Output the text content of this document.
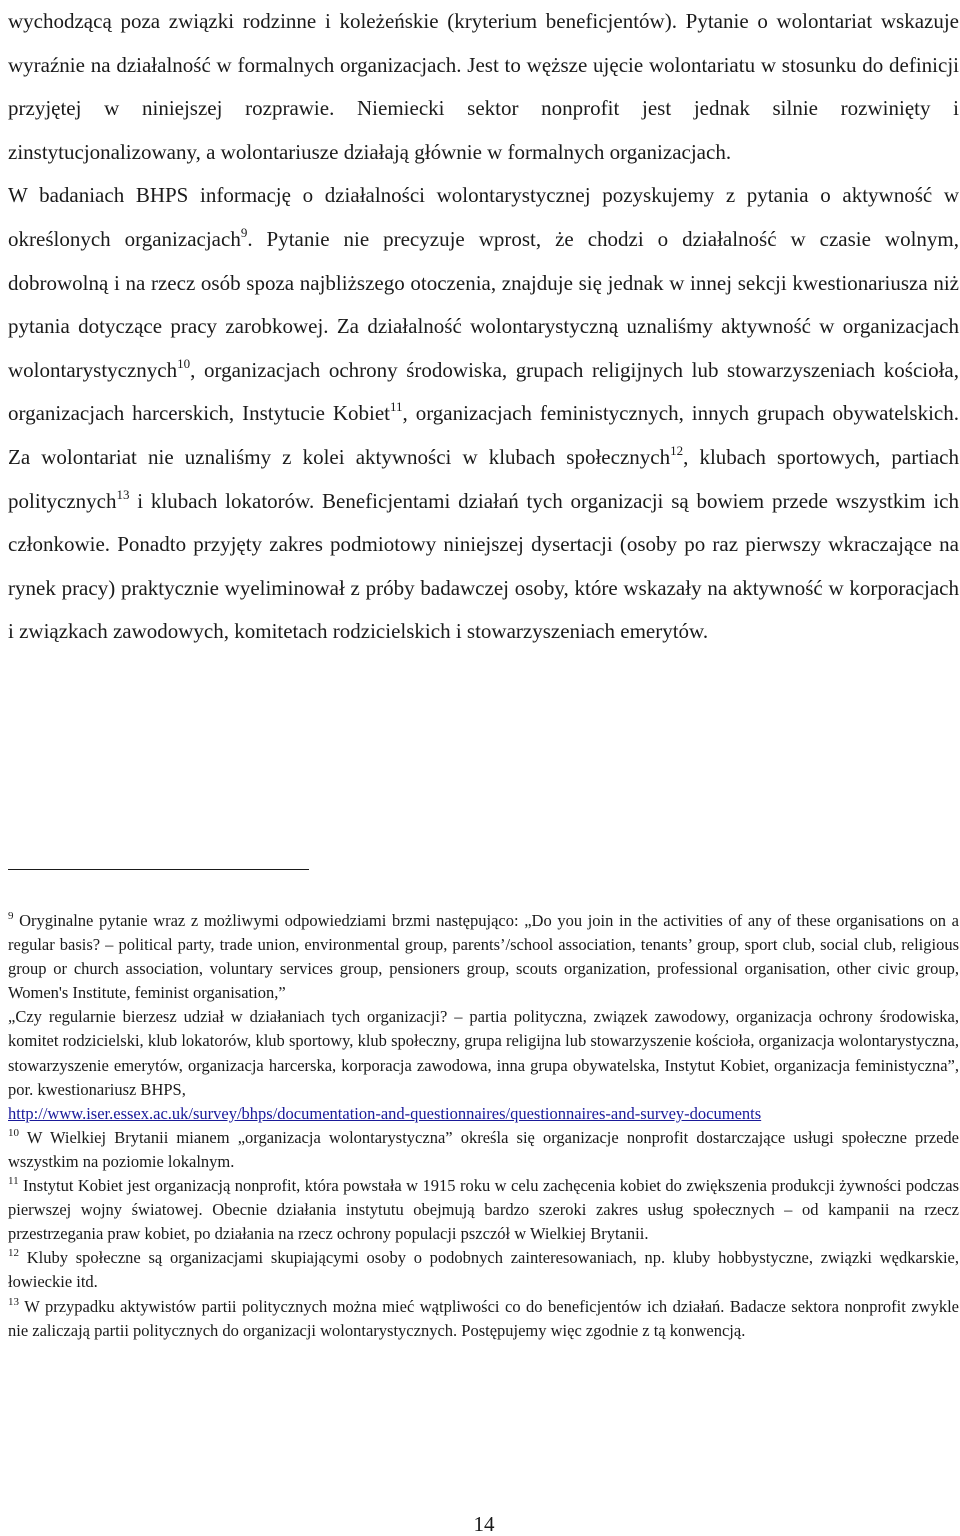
wychodzącą poza związki rodzinne i koleżeńskie (kryterium beneficjentów). Pytanie o wolontariat wskazuje wyraźnie na działalność w formalnych organizacjach. Jest to węższe ujęcie wolontariatu w stosunku do definicji przyjętej w niniejszej rozprawie. Niemiecki sektor nonprofit jest jednak silnie rozwinięty i zinstytucjonalizowany, a wolontariusze działają głównie w formalnych organizacjach.

W badaniach BHPS informację o działalności wolontarystycznej pozyskujemy z pytania o aktywność w określonych organizacjach$^9$. Pytanie nie precyzuje wprost, że chodzi o działalność w czasie wolnym, dobrowolną i na rzecz osób spoza najbliższego otoczenia, znajduje się jednak w innej sekcji kwestionariusza niż pytania dotyczące pracy zarobkowej. Za działalność wolontarystyczną uznaliśmy aktywność w organizacjach wolontarystycznych$^{10}$, organizacjach ochrony środowiska, grupach religijnych lub stowarzyszeniach kościoła, organizacjach harcerskich, Instytucie Kobiet$^{11}$, organizacjach feministycznych, innych grupach obywatelskich. Za wolontariat nie uznaliśmy z kolei aktywności w klubach społecznych$^{12}$, klubach sportowych, partiach politycznych$^{13}$ i klubach lokatorów. Beneficjentami działań tych organizacji są bowiem przede wszystkim ich członkowie. Ponadto przyjęty zakres podmiotowy niniejszej dysertacji (osoby po raz pierwszy wkraczające na rynek pracy) praktycznie wyeliminował z próby badawczej osoby, które wskazały na aktywność w korporacjach i związkach zawodowych, komitetach rodzicielskich i stowarzyszeniach emerytów.

$^9$ Oryginalne pytanie wraz z możliwymi odpowiedziami brzmi następująco: „Do you join in the activities of any of these organisations on a regular basis? – political party, trade union, environmental group, parents’/school association, tenants’ group, sport club, social club, religious group or church association, voluntary services group, pensioners group, scouts organization, professional organisation, other civic group, Women's Institute, feminist organisation,”

„Czy regularnie bierzesz udział w działaniach tych organizacji? – partia polityczna, związek zawodowy, organizacja ochrony środowiska, komitet rodzicielski, klub lokatorów, klub sportowy, klub społeczny, grupa religijna lub stowarzyszenie kościoła, organizacja wolontarystyczna, stowarzyszenie emerytów, organizacja harcerska, korporacja zawodowa, inna grupa obywatelska, Instytut Kobiet, organizacja feministyczna”, por. kwestionariusz BHPS,

http://www.iser.essex.ac.uk/survey/bhps/documentation-and-questionnaires/questionnaires-and-survey-documents

$^{10}$ W Wielkiej Brytanii mianem „organizacja wolontarystyczna” określa się organizacje nonprofit dostarczające usługi społeczne przede wszystkim na poziomie lokalnym.

$^{11}$ Instytut Kobiet jest organizacją nonprofit, która powstała w 1915 roku w celu zachęcenia kobiet do zwiększenia produkcji żywności podczas pierwszej wojny światowej. Obecnie działania instytutu obejmują bardzo szeroki zakres usług społecznych – od kampanii na rzecz przestrzegania praw kobiet, po działania na rzecz ochrony populacji pszczół w Wielkiej Brytanii.

$^{12}$ Kluby społeczne są organizacjami skupiającymi osoby o podobnych zainteresowaniach, np. kluby hobbystyczne, związki wędkarskie, łowieckie itd.

$^{13}$ W przypadku aktywistów partii politycznych można mieć wątpliwości co do beneficjentów ich działań. Badacze sektora nonprofit zwykle nie zaliczają partii politycznych do organizacji wolontarystycznych. Postępujemy więc zgodnie z tą konwencją.

14
